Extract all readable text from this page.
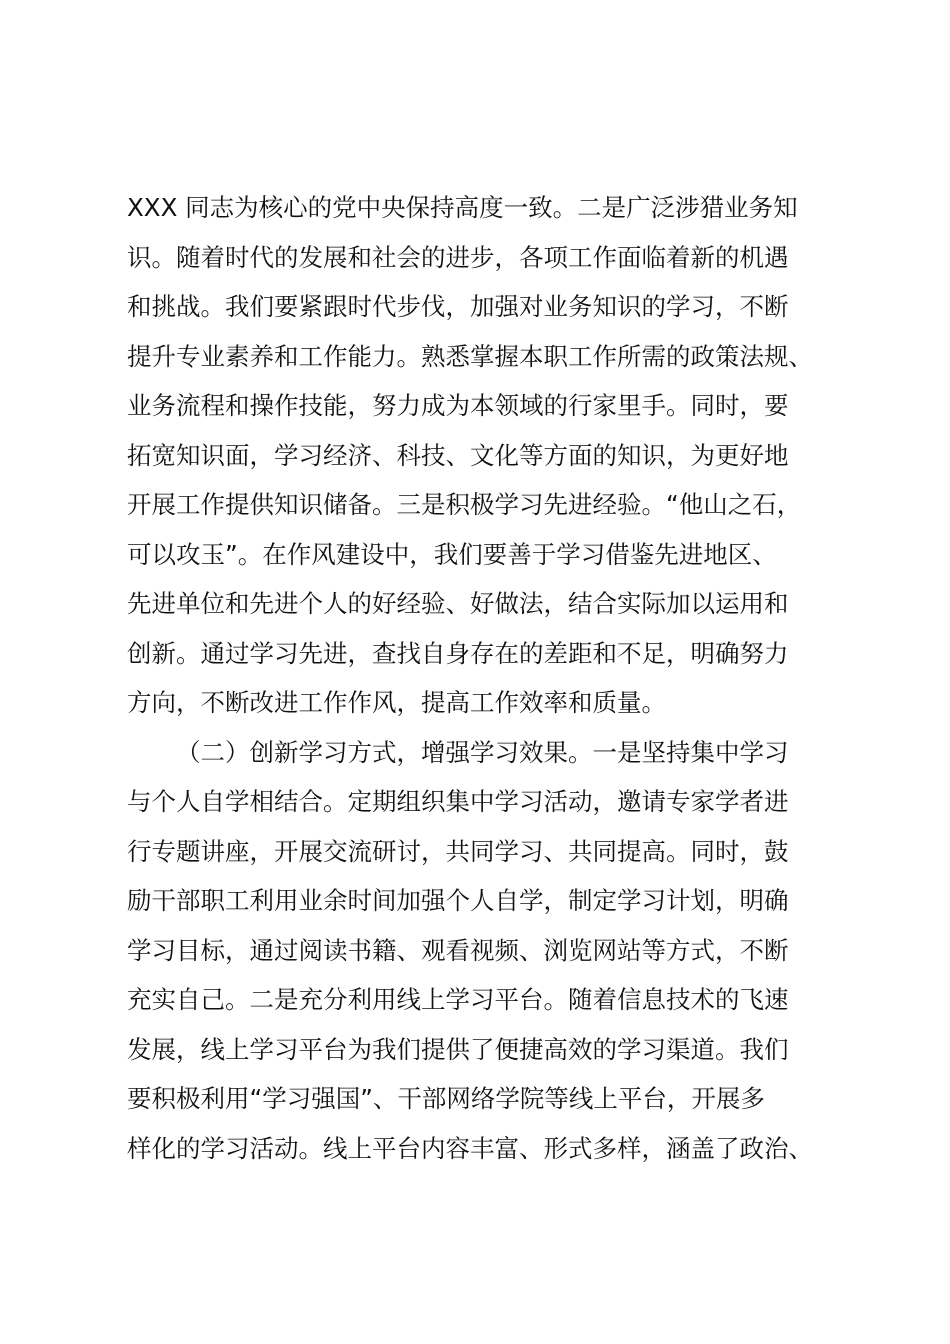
XXX 同志为核心的党中央保持高度一致。二是广泛涉猎业务知
识。随着时代的发展和社会的进步，各项工作面临着新的机遇
和挑战。我们要紧跟时代步伐，加强对业务知识的学习，不断
提升专业素养和工作能力。熟悉掌握本职工作所需的政策法规、
业务流程和操作技能，努力成为本领域的行家里手。同时，要
拓宽知识面，学习经济、科技、文化等方面的知识，为更好地
开展工作提供知识储备。三是积极学习先进经验。“他山之石，
可以攻玉”。在作风建设中，我们要善于学习借鉴先进地区、
先进单位和先进个人的好经验、好做法，结合实际加以运用和
创新。通过学习先进，查找自身存在的差距和不足，明确努力
方向，不断改进工作作风，提高工作效率和质量。
（二）创新学习方式，增强学习效果。一是坚持集中学习
与个人自学相结合。定期组织集中学习活动，邀请专家学者进
行专题讲座，开展交流研讨，共同学习、共同提高。同时，鼓
励干部职工利用业余时间加强个人自学，制定学习计划，明确
学习目标，通过阅读书籍、观看视频、浏览网站等方式，不断
充实自己。二是充分利用线上学习平台。随着信息技术的飞速
发展，线上学习平台为我们提供了便捷高效的学习渠道。我们
要积极利用“学习强国”、干部网络学院等线上平台，开展多
样化的学习活动。线上平台内容丰富、形式多样，涵盖了政治、
